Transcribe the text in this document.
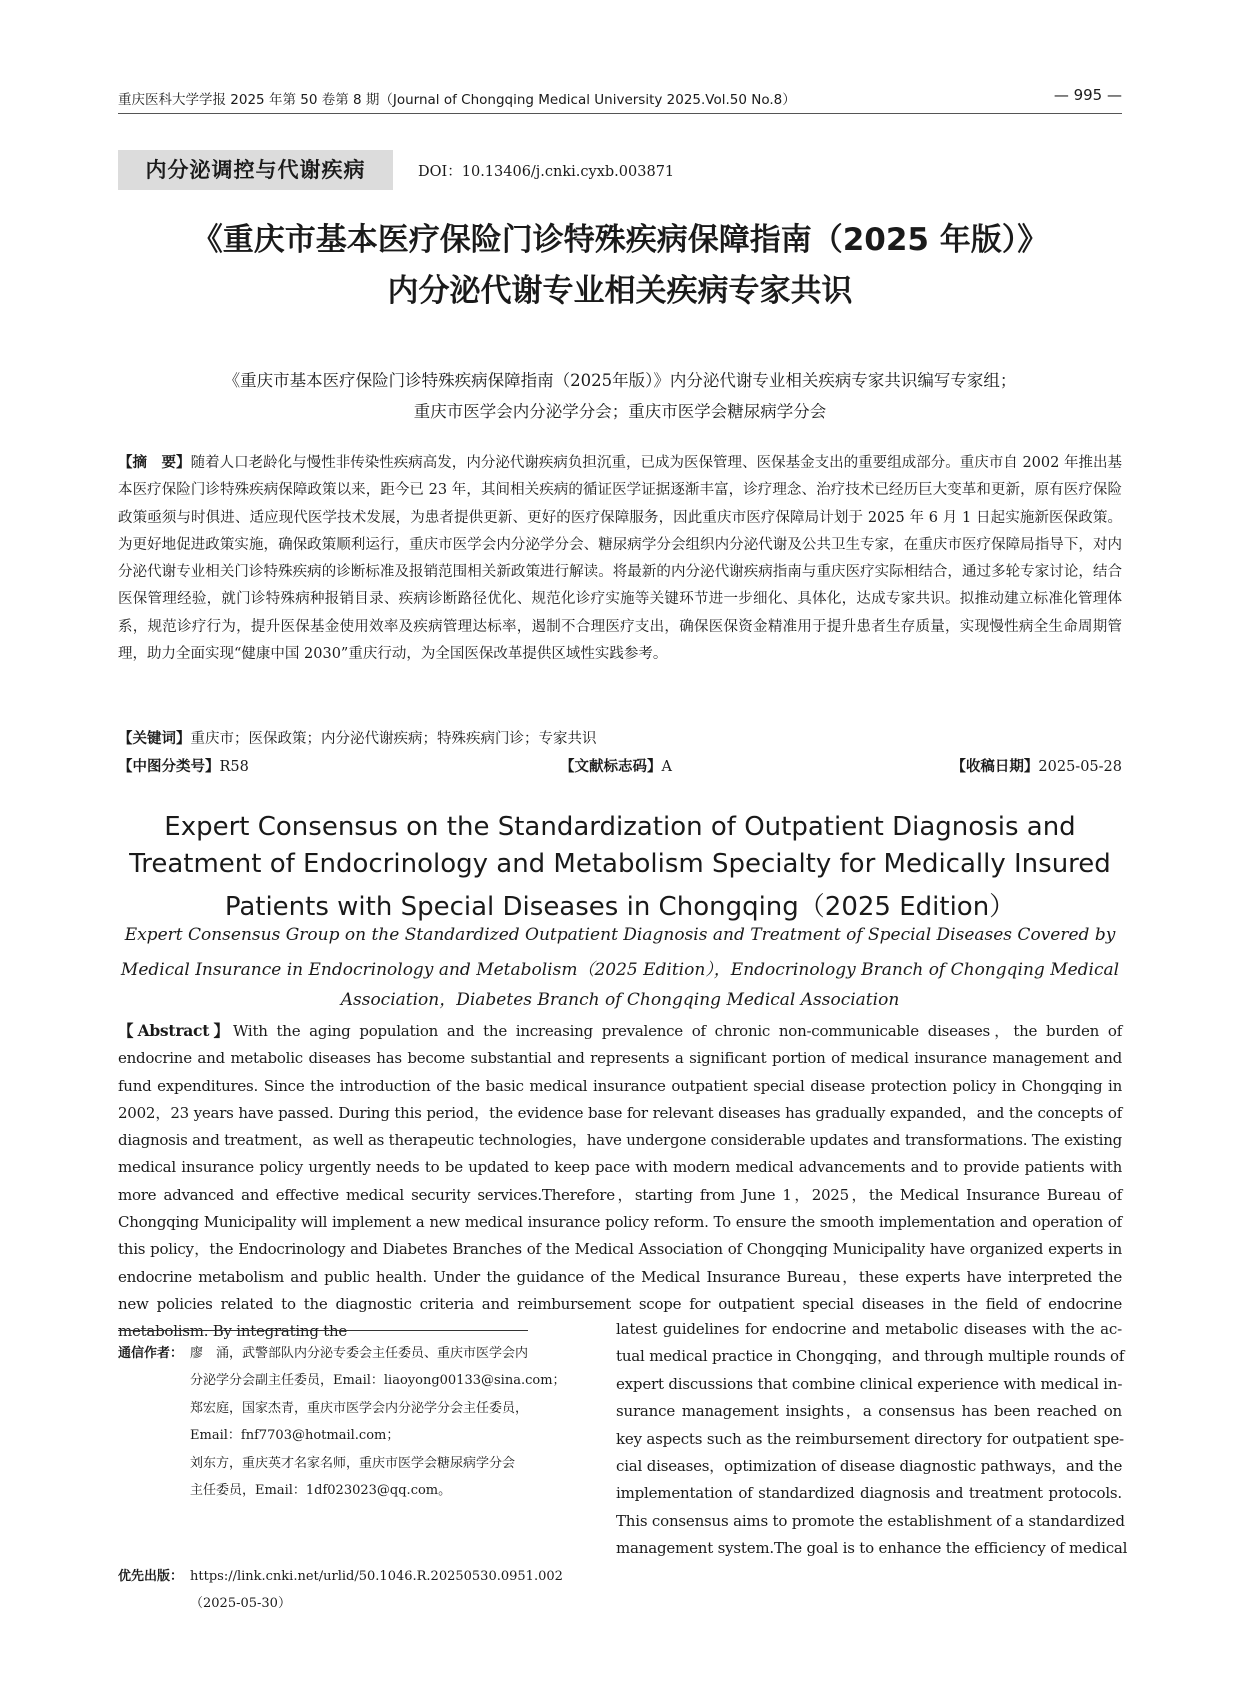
重庆医科大学学报 2025 年第 50 卷第 8 期（Journal of Chongqing Medical University 2025.Vol.50 No.8）	— 995 —
内分泌调控与代谢疾病	DOI：10.13406/j.cnki.cyxb.003871
《重庆市基本医疗保险门诊特殊疾病保障指南（2025 年版）》
内分泌代谢专业相关疾病专家共识
《重庆市基本医疗保险门诊特殊疾病保障指南（2025年版）》内分泌代谢专业相关疾病专家共识编写专家组；
重庆市医学会内分泌学分会；重庆市医学会糖尿病学分会
【摘　要】随着人口老龄化与慢性非传染性疾病高发，内分泌代谢疾病负担沉重，已成为医保管理、医保基金支出的重要组成部分。重庆市自 2002 年推出基本医疗保险门诊特殊疾病保障政策以来，距今已 23 年，其间相关疾病的循证医学证据逐渐丰富，诊疗理念、治疗技术已经历巨大变革和更新，原有医疗保险政策亟须与时俱进、适应现代医学技术发展，为患者提供更新、更好的医疗保障服务，因此重庆市医疗保障局计划于 2025 年 6 月 1 日起实施新医保政策。为更好地促进政策实施，确保政策顺利运行，重庆市医学会内分泌学分会、糖尿病学分会组织内分泌代谢及公共卫生专家，在重庆市医疗保障局指导下，对内分泌代谢专业相关门诊特殊疾病的诊断标准及报销范围相关新政策进行解读。将最新的内分泌代谢疾病指南与重庆医疗实际相结合，通过多轮专家讨论，结合医保管理经验，就门诊特殊病种报销目录、疾病诊断路径优化、规范化诊疗实施等关键环节进一步细化、具体化，达成专家共识。拟推动建立标准化管理体系，规范诊疗行为，提升医保基金使用效率及疾病管理达标率，遏制不合理医疗支出，确保医保资金精准用于提升患者生存质量，实现慢性病全生命周期管理，助力全面实现“健康中国 2030”重庆行动，为全国医保改革提供区域性实践参考。
【关键词】重庆市；医保政策；内分泌代谢疾病；特殊疾病门诊；专家共识
【中图分类号】R58	【文献标志码】A	【收稿日期】2025-05-28
Expert Consensus on the Standardization of Outpatient Diagnosis and
Treatment of Endocrinology and Metabolism Specialty for Medically Insured
Patients with Special Diseases in Chongqing（2025 Edition）
Expert Consensus Group on the Standardized Outpatient Diagnosis and Treatment of Special Diseases Covered by
Medical Insurance in Endocrinology and Metabolism（2025 Edition），Endocrinology Branch of Chongqing Medical
Association，Diabetes Branch of Chongqing Medical Association
【Abstract】With the aging population and the increasing prevalence of chronic non-communicable diseases，the burden of endocrine and metabolic diseases has become substantial and represents a significant portion of medical insurance management and fund expenditures. Since the introduction of the basic medical insurance outpatient special disease protection policy in Chongqing in 2002，23 years have passed. During this period，the evidence base for relevant diseases has gradually expanded，and the concepts of diagnosis and treatment，as well as therapeutic technologies，have undergone considerable updates and transformations. The existing medical insurance policy urgently needs to be updated to keep pace with modern medical advancements and to provide patients with more advanced and effective medical security services.Therefore，starting from June 1，2025，the Medical Insurance Bureau of Chongqing Municipality will implement a new medical insurance policy reform. To ensure the smooth implementation and operation of this policy，the Endocrinology and Diabetes Branches of the Medical Association of Chongqing Municipality have organized experts in endocrine metabolism and public health. Under the guidance of the Medical Insurance Bureau，these experts have interpreted the new policies related to the diagnostic criteria and reimbursement scope for outpatient special diseases in the field of endocrine metabolism. By integrating the
通信作者： 廖　涌，武警部队内分泌专委会主任委员、重庆市医学会内
分泌学分会副主任委员，Email：liaoyong00133@sina.com；
郑宏庭，国家杰青，重庆市医学会内分泌学分会主任委员，
Email：fnf7703@hotmail.com；
刘东方，重庆英才名家名师，重庆市医学会糖尿病学分会
主任委员，Email：1df023023@qq.com。
优先出版： https://link.cnki.net/urlid/50.1046.R.20250530.0951.002
（2025-05-30）
latest guidelines for endocrine and metabolic diseases with the ac-
tual medical practice in Chongqing，and through multiple rounds of
expert discussions that combine clinical experience with medical in-
surance management insights，a consensus has been reached on
key aspects such as the reimbursement directory for outpatient spe-
cial diseases，optimization of disease diagnostic pathways，and the
implementation of standardized diagnosis and treatment protocols.
This consensus aims to promote the establishment of a standardized
management system.The goal is to enhance the efficiency of medical
